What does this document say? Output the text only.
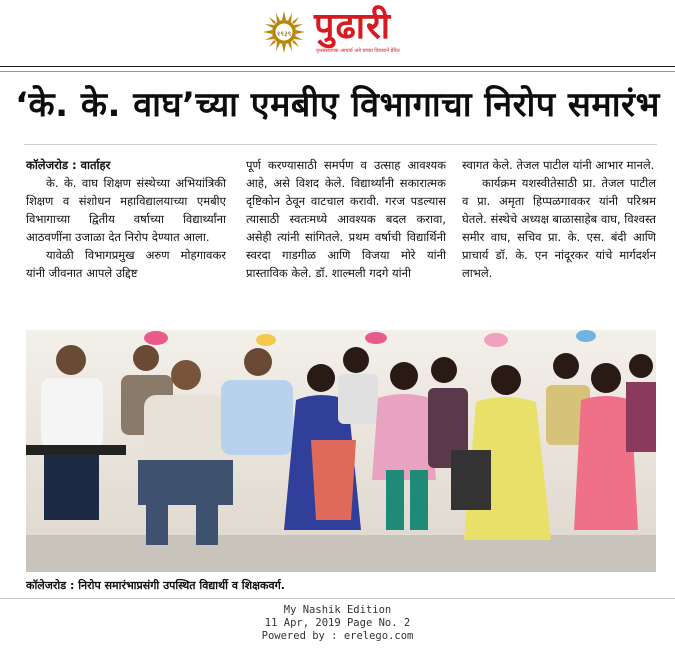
१९३९ पुढारी
वृत्तसंस्थापक आचार्य अत्रे यांच्या विचाराने प्रेरित
‘के. के. वाघ’च्या एमबीए विभागाचा निरोप समारंभ

कॉलेजरोड : वार्ताहर

के. के. वाघ शिक्षण संस्थेच्या अभियांत्रिकी शिक्षण व संशोधन महाविद्यालयाच्या एमबीए विभागाच्या द्वितीय वर्षाच्या विद्यार्थ्यांना आठवणींना उजाळा देत निरोप देण्यात आला.

यावेळी विभागप्रमुख अरुण मोहगावकर यांनी जीवनात आपले उद्दिष्ट

पूर्ण करण्यासाठी समर्पण व उत्साह आवश्यक आहे, असे विशद केले. विद्यार्थ्यांनी सकारात्मक दृष्टिकोन ठेवून वाटचाल करावी. गरज पडल्यास त्यासाठी स्वतःमध्ये आवश्यक बदल करावा, असेही त्यांनी सांगितले. प्रथम वर्षाची विद्यार्थिनी स्वरदा गाडगीळ आणि विजया मोरे यांनी प्रास्ताविक केले. डॉ. शाल्मली गदगे यांनी

स्वागत केले. तेजल पाटील यांनी आभार मानले.

कार्यक्रम यशस्वीतेसाठी प्रा. तेजल पाटील व प्रा. अमृता हिप्पळगावकर यांनी परिश्रम घेतले. संस्थेचे अध्यक्ष बाळासाहेब वाघ, विश्वस्त समीर वाघ, सचिव प्रा. के. एस. बंदी आणि प्राचार्य डॉ. के. एन नांदूरकर यांचे मार्गदर्शन लाभले.

कॉलेजरोड : निरोप समारंभाप्रसंगी उपस्थित विद्यार्थी व शिक्षकवर्ग.
My Nashik Edition
11 Apr, 2019 Page No. 2
Powered by : erelego.com
